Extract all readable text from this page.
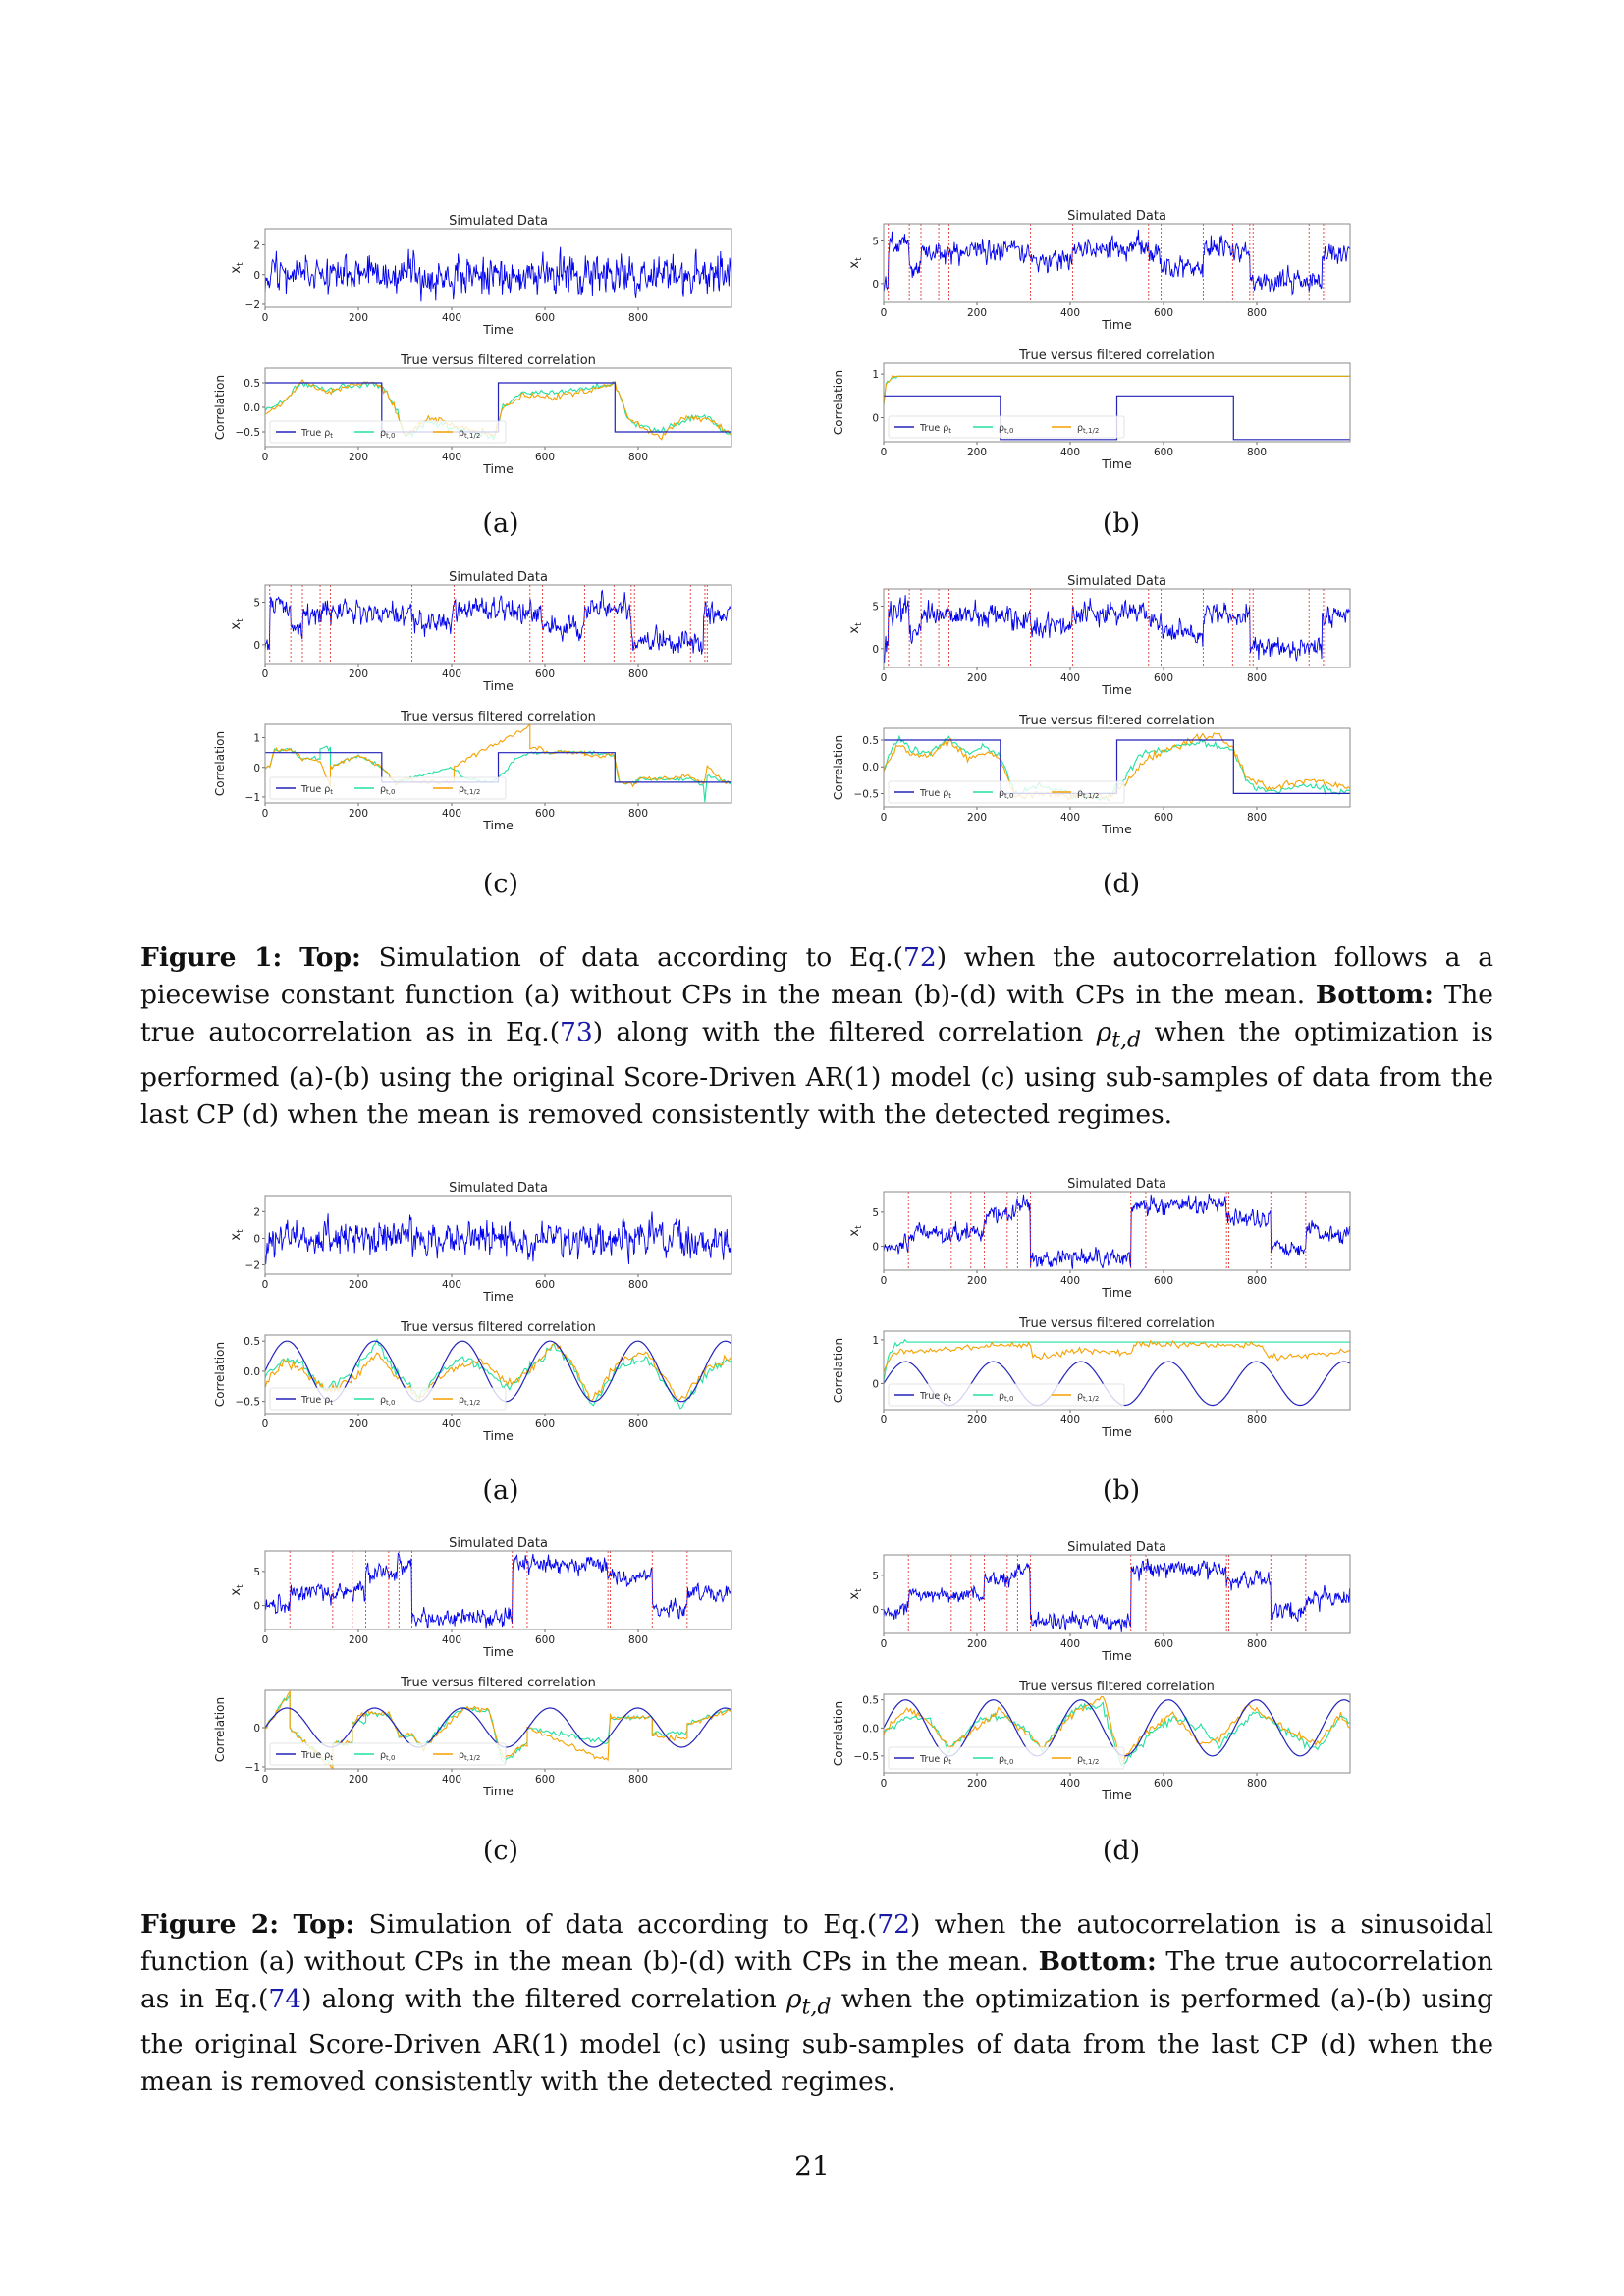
Simulated Data
0	200	400	600	800
Time
−2
0
2
$x_t$
True versus filtered correlation
0	200	400	600	800
Time
−0.5
0.0
0.5
Correlation	True $\rho_t$	$\rho_{t,0}$	$\rho_{t,1/2}$
Simulated Data
0	200	400	600	800
Time
0
5
$x_t$
True versus filtered correlation
0	200	400	600	800
Time
0
1
Correlation	True $\rho_t$	$\rho_{t,0}$	$\rho_{t,1/2}$
(a)	(b)
Simulated Data
0	200	400	600	800
Time
0
5
$x_t$
True versus filtered correlation
0	200	400	600	800
Time
−1
0
1
Correlation	True $\rho_t$	$\rho_{t,0}$	$\rho_{t,1/2}$
Simulated Data
0	200	400	600	800
Time
0
5
$x_t$
True versus filtered correlation
0	200	400	600	800
Time
−0.5
0.0
0.5
Correlation	True $\rho_t$	$\rho_{t,0}$	$\rho_{t,1/2}$
(c)	(d)
Figure 1: Top: Simulation of data according to Eq.(72) when the autocorrelation follows a a piecewise constant function (a) without CPs in the mean (b)-(d) with CPs in the mean. Bottom: The true autocorrelation as in Eq.(73) along with the filtered correlation $\rho_{t,d}$ when the optimization is performed (a)-(b) using the original Score-Driven AR(1) model (c) using sub-samples of data from the last CP (d) when the mean is removed consistently with the detected regimes.
Simulated Data
0	200	400	600	800
Time
−2
0
2
$x_t$
True versus filtered correlation
0	200	400	600	800
Time
−0.5
0.0
0.5
Correlation	True $\rho_t$	$\rho_{t,0}$	$\rho_{t,1/2}$
Simulated Data
0	200	400	600	800
Time
0
5
$x_t$
True versus filtered correlation
0	200	400	600	800
Time
0
1
Correlation	True $\rho_t$	$\rho_{t,0}$	$\rho_{t,1/2}$
(a)	(b)
Simulated Data
0	200	400	600	800
Time
0
5
$x_t$
True versus filtered correlation
0	200	400	600	800
Time
−1
0
Correlation	True $\rho_t$	$\rho_{t,0}$	$\rho_{t,1/2}$
Simulated Data
0	200	400	600	800
Time
0
5
$x_t$
True versus filtered correlation
0	200	400	600	800
Time
−0.5
0.0
0.5
Correlation	True $\rho_t$	$\rho_{t,0}$	$\rho_{t,1/2}$
(c)	(d)
Figure 2: Top: Simulation of data according to Eq.(72) when the autocorrelation is a sinusoidal function (a) without CPs in the mean (b)-(d) with CPs in the mean. Bottom: The true autocorrelation as in Eq.(74) along with the filtered correlation $\rho_{t,d}$ when the optimization is performed (a)-(b) using the original Score-Driven AR(1) model (c) using sub-samples of data from the last CP (d) when the mean is removed consistently with the detected regimes.
21
